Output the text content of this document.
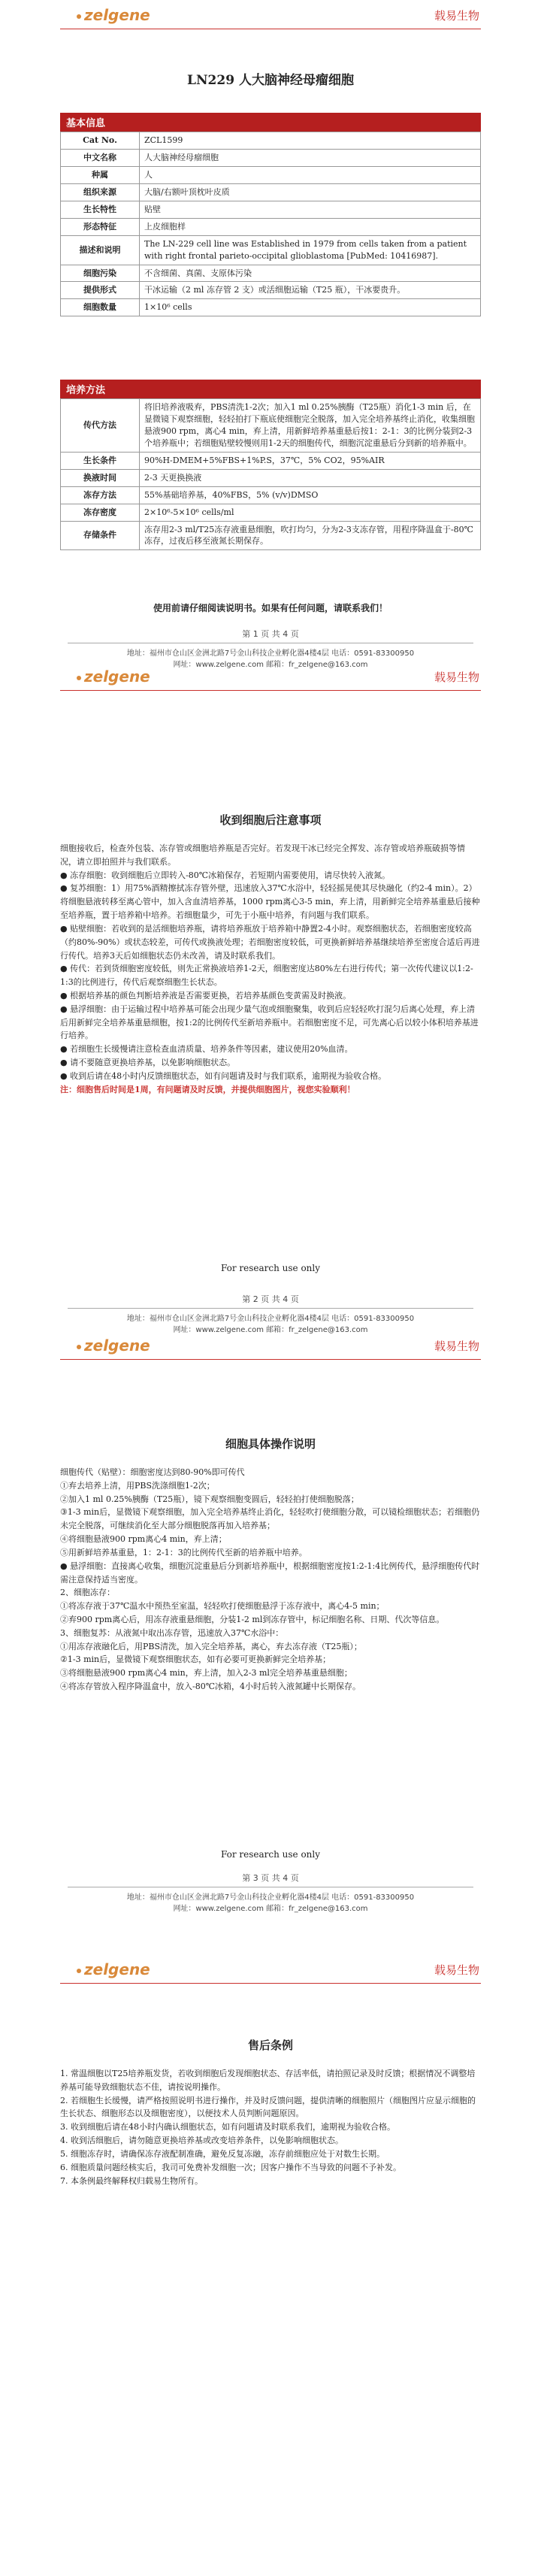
zelgene	载易生物
LN229 人大脑神经母瘤细胞
基本信息
Cat No.	ZCL1599
中文名称	人大脑神经母瘤细胞
种属	人
组织来源	大脑/右额叶顶枕叶皮质
生长特性	贴壁
形态特征	上皮细胞样
描述和说明	The LN-229 cell line was Established in 1979 from cells taken from a patient with right frontal parieto-occipital glioblastoma [PubMed: 10416987].
细胞污染	不含细菌、真菌、支原体污染
提供形式	干冰运输（2 ml 冻存管 2 支）或活细胞运输（T25 瓶），干冰要贵升。
细胞数量	1×10⁶ cells
培养方法
传代方法	将旧培养液吸弃，PBS清洗1-2次；加入1 ml 0.25%胰酶（T25瓶）消化1-3 min 后，在显微镜下观察细胞，轻轻拍打下瓶底使细胞完全脱落，加入完全培养基终止消化，收集细胞悬液900 rpm，离心4 min，弃上清，用新鲜培养基重悬后按1：2-1：3的比例分装到2-3个培养瓶中；若细胞贴壁较慢则用1-2天的细胞传代，细胞沉淀重悬后分到新的培养瓶中。
生长条件	90%H-DMEM+5%FBS+1%P.S，37℃，5% CO2，95%AIR
换液时间	2-3 天更换换液
冻存方法	55%基础培养基，40%FBS，5% (v/v)DMSO
冻存密度	2×10⁶-5×10⁶ cells/ml
存储条件	冻存用2-3 ml/T25冻存液重悬细胞，吹打均匀，分为2-3支冻存管，用程序降温盒于-80℃冻存，过夜后移至液氮长期保存。
使用前请仔细阅读说明书。如果有任何问题，请联系我们！
第 1 页 共 4 页
地址：福州市仓山区金洲北路7号金山科技企业孵化器4楼4层 电话：0591-83300950
网址：www.zelgene.com 邮箱：fr_zelgene@163.com
zelgene	载易生物
收到细胞后注意事项

细胞接收后，检查外包装、冻存管或细胞培养瓶是否完好。若发现干冰已经完全挥发、冻存管或培养瓶破损等情况，请立即拍照并与我们联系。

● 冻存细胞：收到细胞后立即转入-80℃冰箱保存，若短期内需要使用，请尽快转入液氮。

● 复苏细胞：1）用75%酒精擦拭冻存管外壁，迅速放入37℃水浴中，轻轻摇晃使其尽快融化（约2-4 min）。2）将细胞悬液转移至离心管中，加入含血清培养基，1000 rpm离心3-5 min，弃上清，用新鲜完全培养基重悬后接种至培养瓶，置于培养箱中培养。若细胞量少，可先于小瓶中培养，有问题与我们联系。

● 贴壁细胞：若收到的是活细胞培养瓶，请将培养瓶放于培养箱中静置2-4小时。观察细胞状态，若细胞密度较高（约80%-90%）或状态较差，可传代或换液处理；若细胞密度较低，可更换新鲜培养基继续培养至密度合适后再进行传代。培养3天后如细胞状态仍未改善，请及时联系我们。

● 传代：若到货细胞密度较低，则先正常换液培养1-2天，细胞密度达80%左右进行传代；第一次传代建议以1:2-1:3的比例进行，传代后观察细胞生长状态。

● 根据培养基的颜色判断培养液是否需要更换，若培养基颜色变黄需及时换液。

● 悬浮细胞：由于运输过程中培养基可能会出现少量气泡或细胞聚集，收到后应轻轻吹打混匀后离心处理，弃上清后用新鲜完全培养基重悬细胞，按1:2的比例传代至新培养瓶中。若细胞密度不足，可先离心后以较小体积培养基进行培养。

● 若细胞生长缓慢请注意检查血清质量、培养条件等因素，建议使用20%血清。

● 请不要随意更换培养基，以免影响细胞状态。

● 收到后请在48小时内反馈细胞状态，如有问题请及时与我们联系，逾期视为验收合格。

注：细胞售后时间是1周，有问题请及时反馈，并提供细胞图片，视您实验顺利！

For research use only
第 2 页 共 4 页
地址：福州市仓山区金洲北路7号金山科技企业孵化器4楼4层 电话：0591-83300950
网址：www.zelgene.com 邮箱：fr_zelgene@163.com
zelgene	载易生物
细胞具体操作说明

细胞传代（贴壁）：细胞密度达到80-90%即可传代

①弃去培养上清，用PBS洗涤细胞1-2次；

②加入1 ml 0.25%胰酶（T25瓶），镜下观察细胞变圆后，轻轻拍打使细胞脱落；

③1-3 min后，显微镜下观察细胞，加入完全培养基终止消化，轻轻吹打使细胞分散，可以镜检细胞状态；若细胞仍未完全脱落，可继续消化至大部分细胞脱落再加入培养基；

④将细胞悬液900 rpm离心4 min，弃上清；

⑤用新鲜培养基重悬，1：2-1：3的比例传代至新的培养瓶中培养。

● 悬浮细胞：直接离心收集，细胞沉淀重悬后分到新培养瓶中，根据细胞密度按1:2-1:4比例传代，悬浮细胞传代时需注意保持适当密度。

2、细胞冻存：

①将冻存液于37℃温水中预热至室温，轻轻吹打使细胞悬浮于冻存液中，离心4-5 min；

②弃900 rpm离心后，用冻存液重悬细胞，分装1-2 ml到冻存管中，标记细胞名称、日期、代次等信息。

3、细胞复苏：从液氮中取出冻存管，迅速放入37℃水浴中：

①用冻存液融化后，用PBS清洗，加入完全培养基，离心，弃去冻存液（T25瓶）；

②1-3 min后，显微镜下观察细胞状态，如有必要可更换新鲜完全培养基；

③将细胞悬液900 rpm离心4 min，弃上清，加入2-3 ml完全培养基重悬细胞；

④将冻存管放入程序降温盒中，放入-80℃冰箱，4小时后转入液氮罐中长期保存。

For research use only
第 3 页 共 4 页
地址：福州市仓山区金洲北路7号金山科技企业孵化器4楼4层 电话：0591-83300950
网址：www.zelgene.com 邮箱：fr_zelgene@163.com
zelgene	载易生物
售后条例

1. 常温细胞以T25培养瓶发货，若收到细胞后发现细胞状态、存活率低，请拍照记录及时反馈；根据情况不调整培养基可能导致细胞状态不佳，请按说明操作。

2. 若细胞生长缓慢，请严格按照说明书进行操作，并及时反馈问题，提供清晰的细胞照片（细胞图片应显示细胞的生长状态、细胞形态以及细胞密度），以便技术人员判断问题原因。

3. 收到细胞后请在48小时内确认细胞状态，如有问题请及时联系我们，逾期视为验收合格。

4. 收到活细胞后，请勿随意更换培养基或改变培养条件，以免影响细胞状态。

5. 细胞冻存时，请确保冻存液配制准确，避免反复冻融，冻存前细胞应处于对数生长期。

6. 细胞质量问题经核实后，我司可免费补发细胞一次；因客户操作不当导致的问题不予补发。

7. 本条例最终解释权归载易生物所有。
